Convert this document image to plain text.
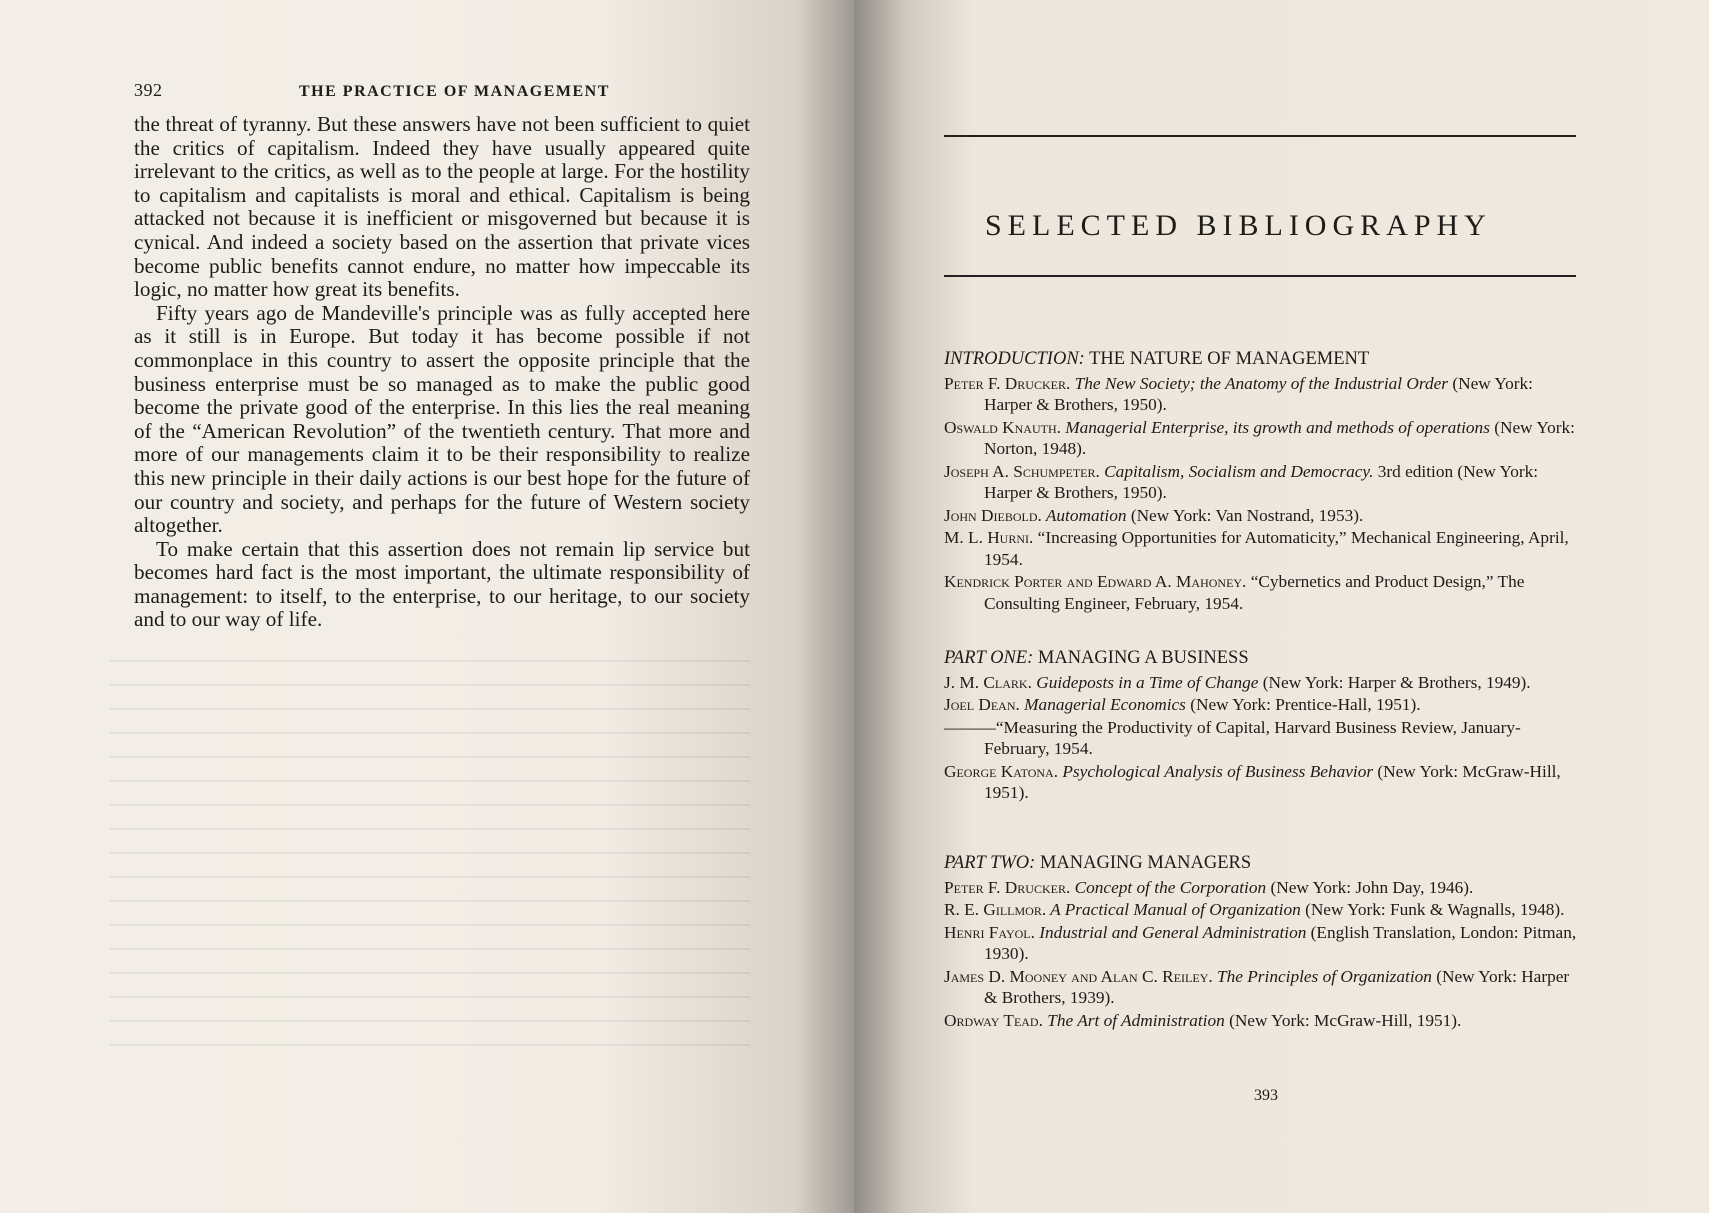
392	THE PRACTICE OF MANAGEMENT

the threat of tyranny. But these answers have not been sufficient to quiet the critics of capitalism. Indeed they have usually appeared quite irrelevant to the critics, as well as to the people at large. For the hostility to capitalism and capitalists is moral and ethical. Capitalism is being attacked not because it is inefficient or misgoverned but because it is cynical. And indeed a society based on the assertion that private vices become public benefits cannot endure, no matter how impeccable its logic, no matter how great its benefits.

Fifty years ago de Mandeville's principle was as fully accepted here as it still is in Europe. But today it has become possible if not commonplace in this country to assert the opposite principle that the business enterprise must be so managed as to make the public good become the private good of the enterprise. In this lies the real meaning of the “American Revolution” of the twentieth century. That more and more of our managements claim it to be their responsibility to realize this new principle in their daily actions is our best hope for the future of our country and society, and perhaps for the future of Western society altogether.

To make certain that this assertion does not remain lip service but becomes hard fact is the most important, the ultimate responsibility of management: to itself, to the enterprise, to our heritage, to our society and to our way of life.

SELECTED BIBLIOGRAPHY
INTRODUCTION: THE NATURE OF MANAGEMENT
Peter F. Drucker. The New Society; the Anatomy of the Industrial Order (New York: Harper & Brothers, 1950).
Oswald Knauth. Managerial Enterprise, its growth and methods of operations (New York: Norton, 1948).
Joseph A. Schumpeter. Capitalism, Socialism and Democracy. 3rd edition (New York: Harper & Brothers, 1950).
John Diebold. Automation (New York: Van Nostrand, 1953).
M. L. Hurni. “Increasing Opportunities for Automaticity,” Mechanical Engineering, April, 1954.
Kendrick Porter and Edward A. Mahoney. “Cybernetics and Product Design,” The Consulting Engineer, February, 1954.
PART ONE: MANAGING A BUSINESS
J. M. Clark. Guideposts in a Time of Change (New York: Harper & Brothers, 1949).
Joel Dean. Managerial Economics (New York: Prentice-Hall, 1951).
———“Measuring the Productivity of Capital, Harvard Business Review, January-February, 1954.
George Katona. Psychological Analysis of Business Behavior (New York: McGraw-Hill, 1951).
PART TWO: MANAGING MANAGERS
Peter F. Drucker. Concept of the Corporation (New York: John Day, 1946).
R. E. Gillmor. A Practical Manual of Organization (New York: Funk & Wagnalls, 1948).
Henri Fayol. Industrial and General Administration (English Translation, London: Pitman, 1930).
James D. Mooney and Alan C. Reiley. The Principles of Organization (New York: Harper & Brothers, 1939).
Ordway Tead. The Art of Administration (New York: McGraw-Hill, 1951).
393
